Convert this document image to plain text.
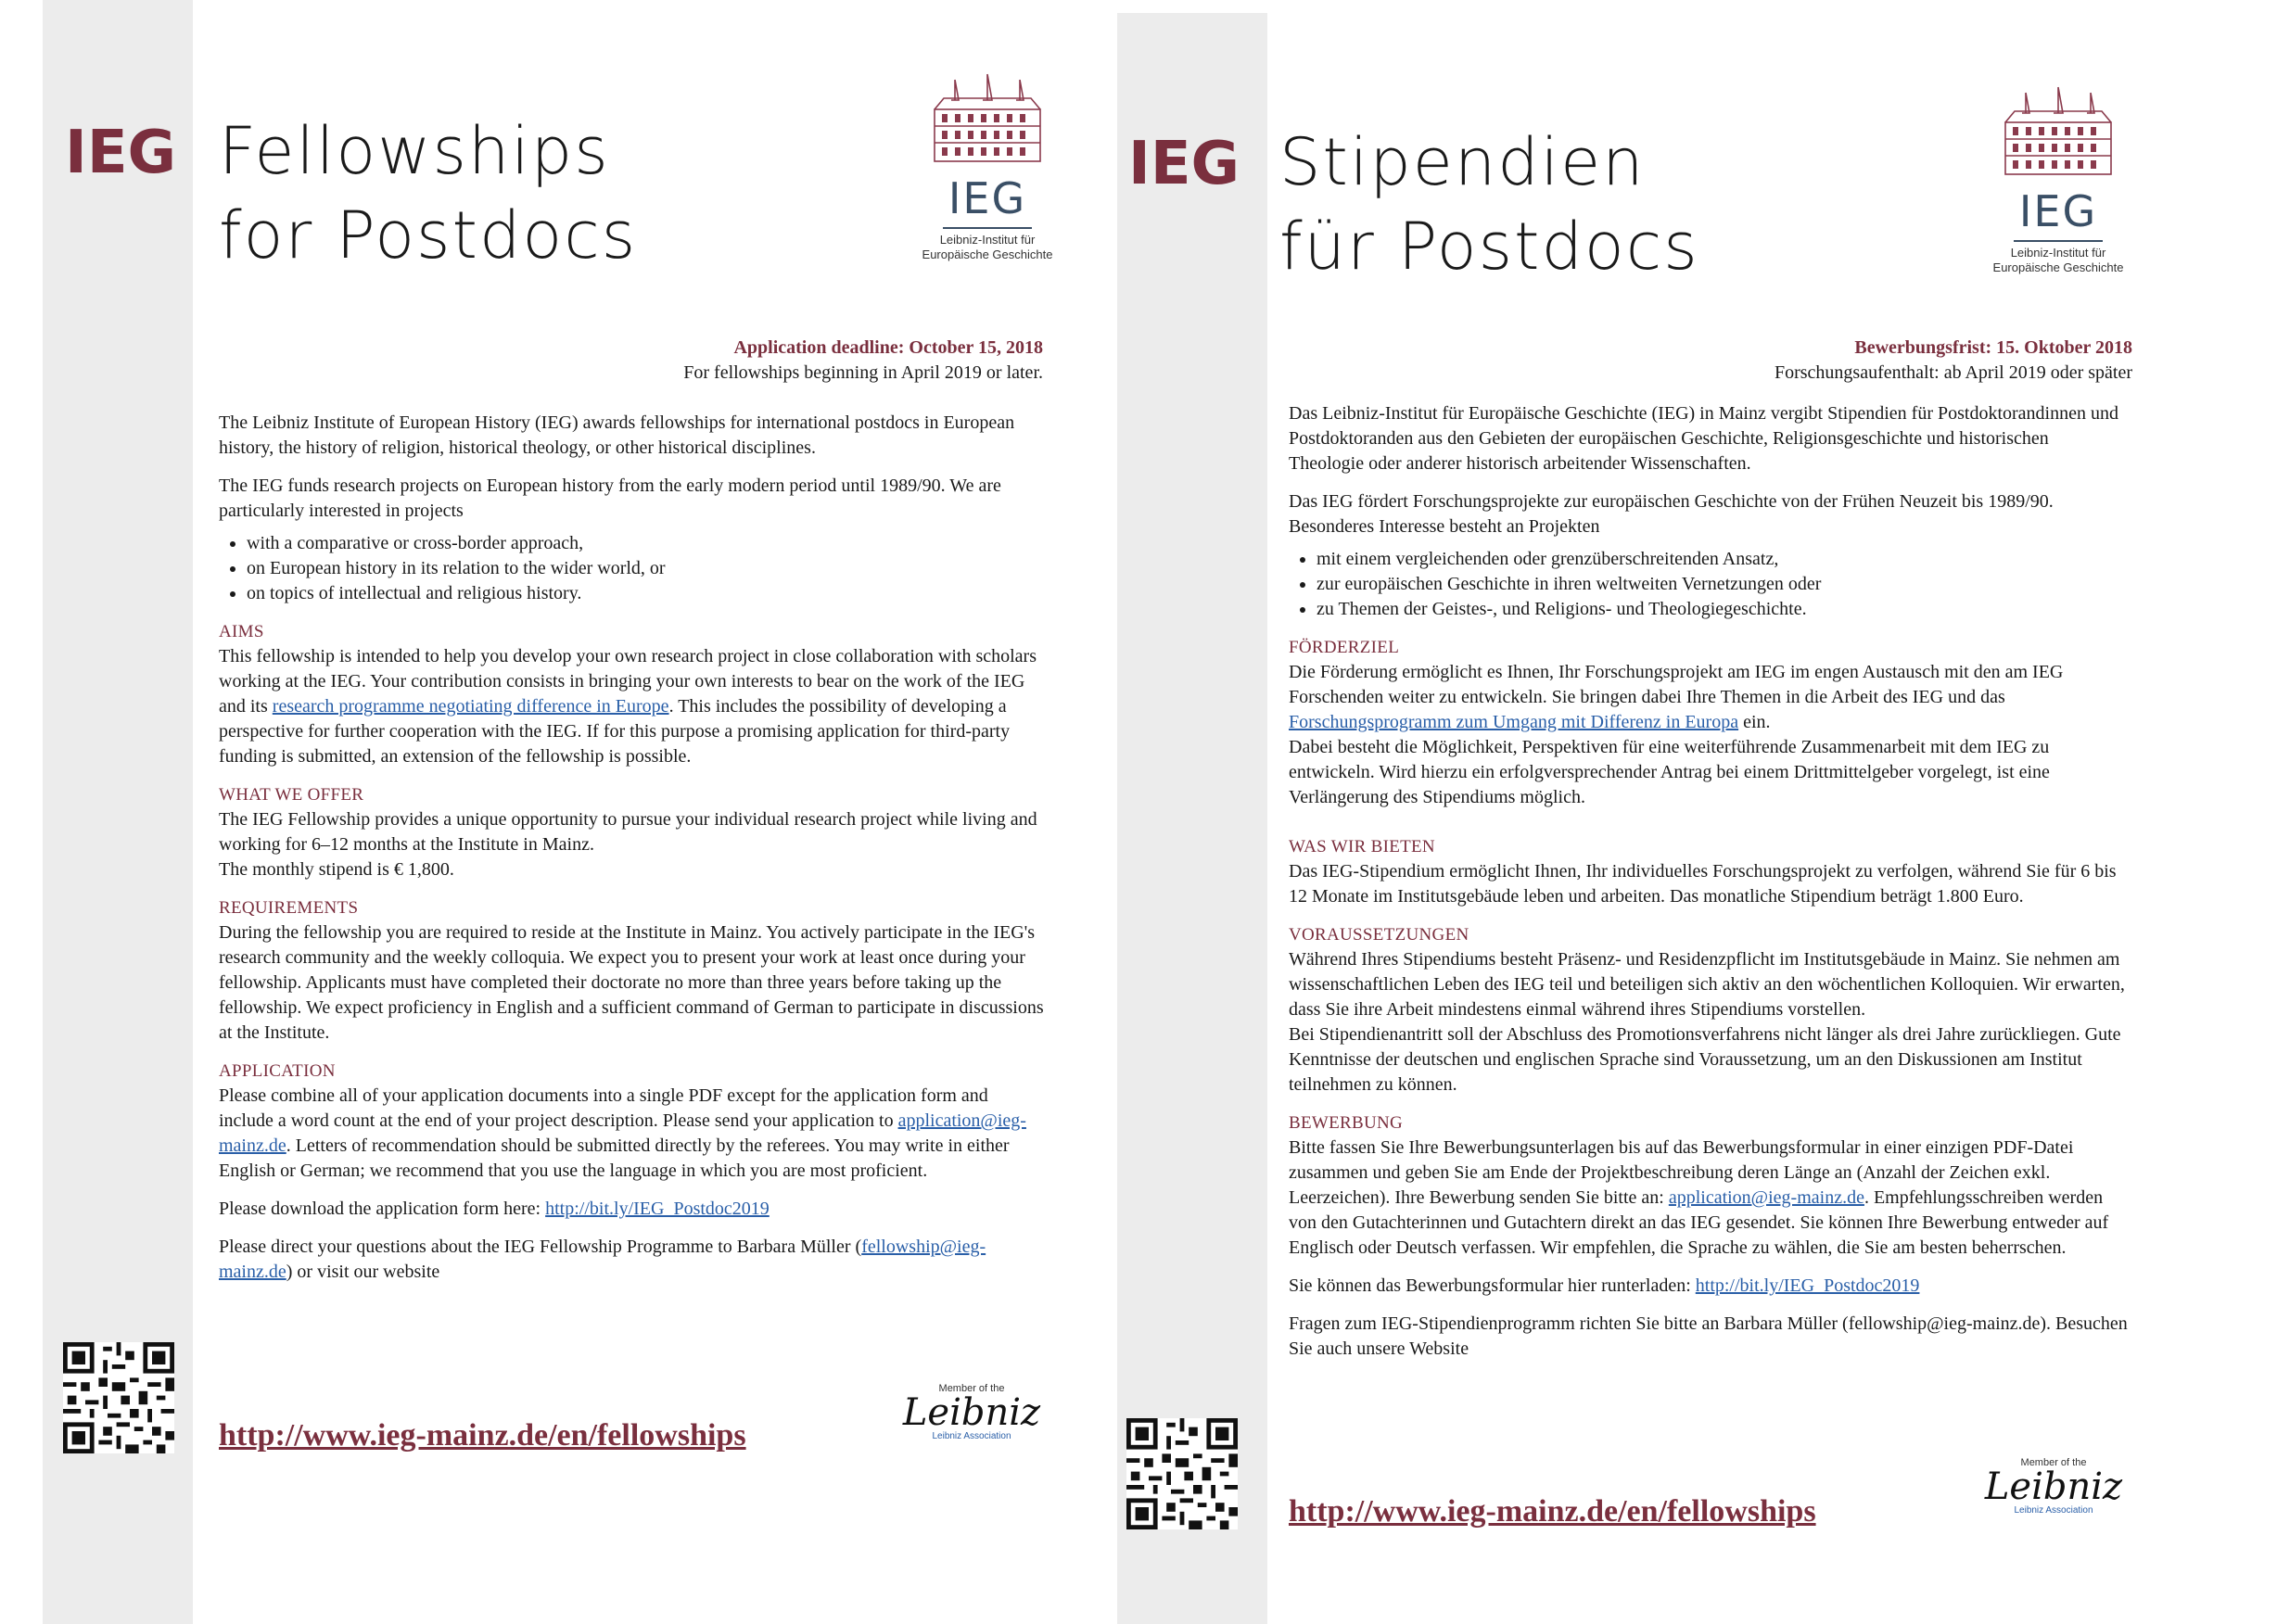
IEG Fellowships
for Postdocs	IEG
Leibniz-Institut für
Europäische Geschichte
Application deadline: October 15, 2018
For fellowships beginning in April 2019 or later.

The Leibniz Institute of European History (IEG) awards fellowships for international postdocs in European history, the history of religion, historical theology, or other historical disciplines.

The IEG funds research projects on European history from the early modern period until 1989/90. We are particularly interested in projects

• with a comparative or cross-border approach,
• on European history in its relation to the wider world, or
• on topics of intellectual and religious history.
AIMS
This fellowship is intended to help you develop your own research project in close collaboration with scholars working at the IEG. Your contribution consists in bringing your own interests to bear on the work of the IEG and its research programme negotiating difference in Europe. This includes the possibility of developing a perspective for further cooperation with the IEG. If for this purpose a promising application for third-party funding is submitted, an extension of the fellowship is possible.
WHAT WE OFFER
The IEG Fellowship provides a unique opportunity to pursue your individual research project while living and working for 6–12 months at the Institute in Mainz.
The monthly stipend is € 1,800.
REQUIREMENTS
During the fellowship you are required to reside at the Institute in Mainz. You actively participate in the IEG's research community and the weekly colloquia. We expect you to present your work at least once during your fellowship. Applicants must have completed their doctorate no more than three years before taking up the fellowship. We expect proficiency in English and a sufficient command of German to participate in discussions at the Institute.
APPLICATION
Please combine all of your application documents into a single PDF except for the application form and include a word count at the end of your project description. Please send your application to application@ieg-mainz.de. Letters of recommendation should be submitted directly by the referees. You may write in either English or German; we recommend that you use the language in which you are most proficient.

Please download the application form here: http://bit.ly/IEG_Postdoc2019

Please direct your questions about the IEG Fellowship Programme to Barbara Müller (fellowship@ieg-mainz.de) or visit our website

http://www.ieg-mainz.de/en/fellowships
Member of the
Leibniz
Leibniz Association
IEG Stipendien
für Postdocs	IEG
Leibniz-Institut für
Europäische Geschichte
Bewerbungsfrist: 15. Oktober 2018
Forschungsaufenthalt: ab April 2019 oder später

Das Leibniz-Institut für Europäische Geschichte (IEG) in Mainz vergibt Stipendien für Postdoktorandinnen und Postdoktoranden aus den Gebieten der europäischen Geschichte, Religionsgeschichte und historischen Theologie oder anderer historisch arbeitender Wissenschaften.

Das IEG fördert Forschungsprojekte zur europäischen Geschichte von der Frühen Neuzeit bis 1989/90. Besonderes Interesse besteht an Projekten

• mit einem vergleichenden oder grenzüberschreitenden Ansatz,
• zur europäischen Geschichte in ihren weltweiten Vernetzungen oder
• zu Themen der Geistes-, und Religions- und Theologiegeschichte.
FÖRDERZIEL
Die Förderung ermöglicht es Ihnen, Ihr Forschungsprojekt am IEG im engen Austausch mit den am IEG Forschenden weiter zu entwickeln. Sie bringen dabei Ihre Themen in die Arbeit des IEG und das Forschungsprogramm zum Umgang mit Differenz in Europa ein.
Dabei besteht die Möglichkeit, Perspektiven für eine weiterführende Zusammenarbeit mit dem IEG zu entwickeln. Wird hierzu ein erfolgversprechender Antrag bei einem Drittmittelgeber vorgelegt, ist eine Verlängerung des Stipendiums möglich.
WAS WIR BIETEN
Das IEG-Stipendium ermöglicht Ihnen, Ihr individuelles Forschungsprojekt zu verfolgen, während Sie für 6 bis 12 Monate im Institutsgebäude leben und arbeiten. Das monatliche Stipendium beträgt 1.800 Euro.
VORAUSSETZUNGEN
Während Ihres Stipendiums besteht Präsenz- und Residenzpflicht im Institutsgebäude in Mainz. Sie nehmen am wissenschaftlichen Leben des IEG teil und beteiligen sich aktiv an den wöchentlichen Kolloquien. Wir erwarten, dass Sie ihre Arbeit mindestens einmal während ihres Stipendiums vorstellen.
Bei Stipendienantritt soll der Abschluss des Promotionsverfahrens nicht länger als drei Jahre zurückliegen. Gute Kenntnisse der deutschen und englischen Sprache sind Voraussetzung, um an den Diskussionen am Institut teilnehmen zu können.
BEWERBUNG
Bitte fassen Sie Ihre Bewerbungsunterlagen bis auf das Bewerbungsformular in einer einzigen PDF-Datei zusammen und geben Sie am Ende der Projektbeschreibung deren Länge an (Anzahl der Zeichen exkl. Leerzeichen). Ihre Bewerbung senden Sie bitte an: application@ieg-mainz.de. Empfehlungsschreiben werden von den Gutachterinnen und Gutachtern direkt an das IEG gesendet. Sie können Ihre Bewerbung entweder auf Englisch oder Deutsch verfassen. Wir empfehlen, die Sprache zu wählen, die Sie am besten beherrschen.

Sie können das Bewerbungsformular hier runterladen: http://bit.ly/IEG_Postdoc2019

Fragen zum IEG-Stipendienprogramm richten Sie bitte an Barbara Müller (fellowship@ieg-mainz.de). Besuchen Sie auch unsere Website

http://www.ieg-mainz.de/en/fellowships
Member of the
Leibniz
Leibniz Association
